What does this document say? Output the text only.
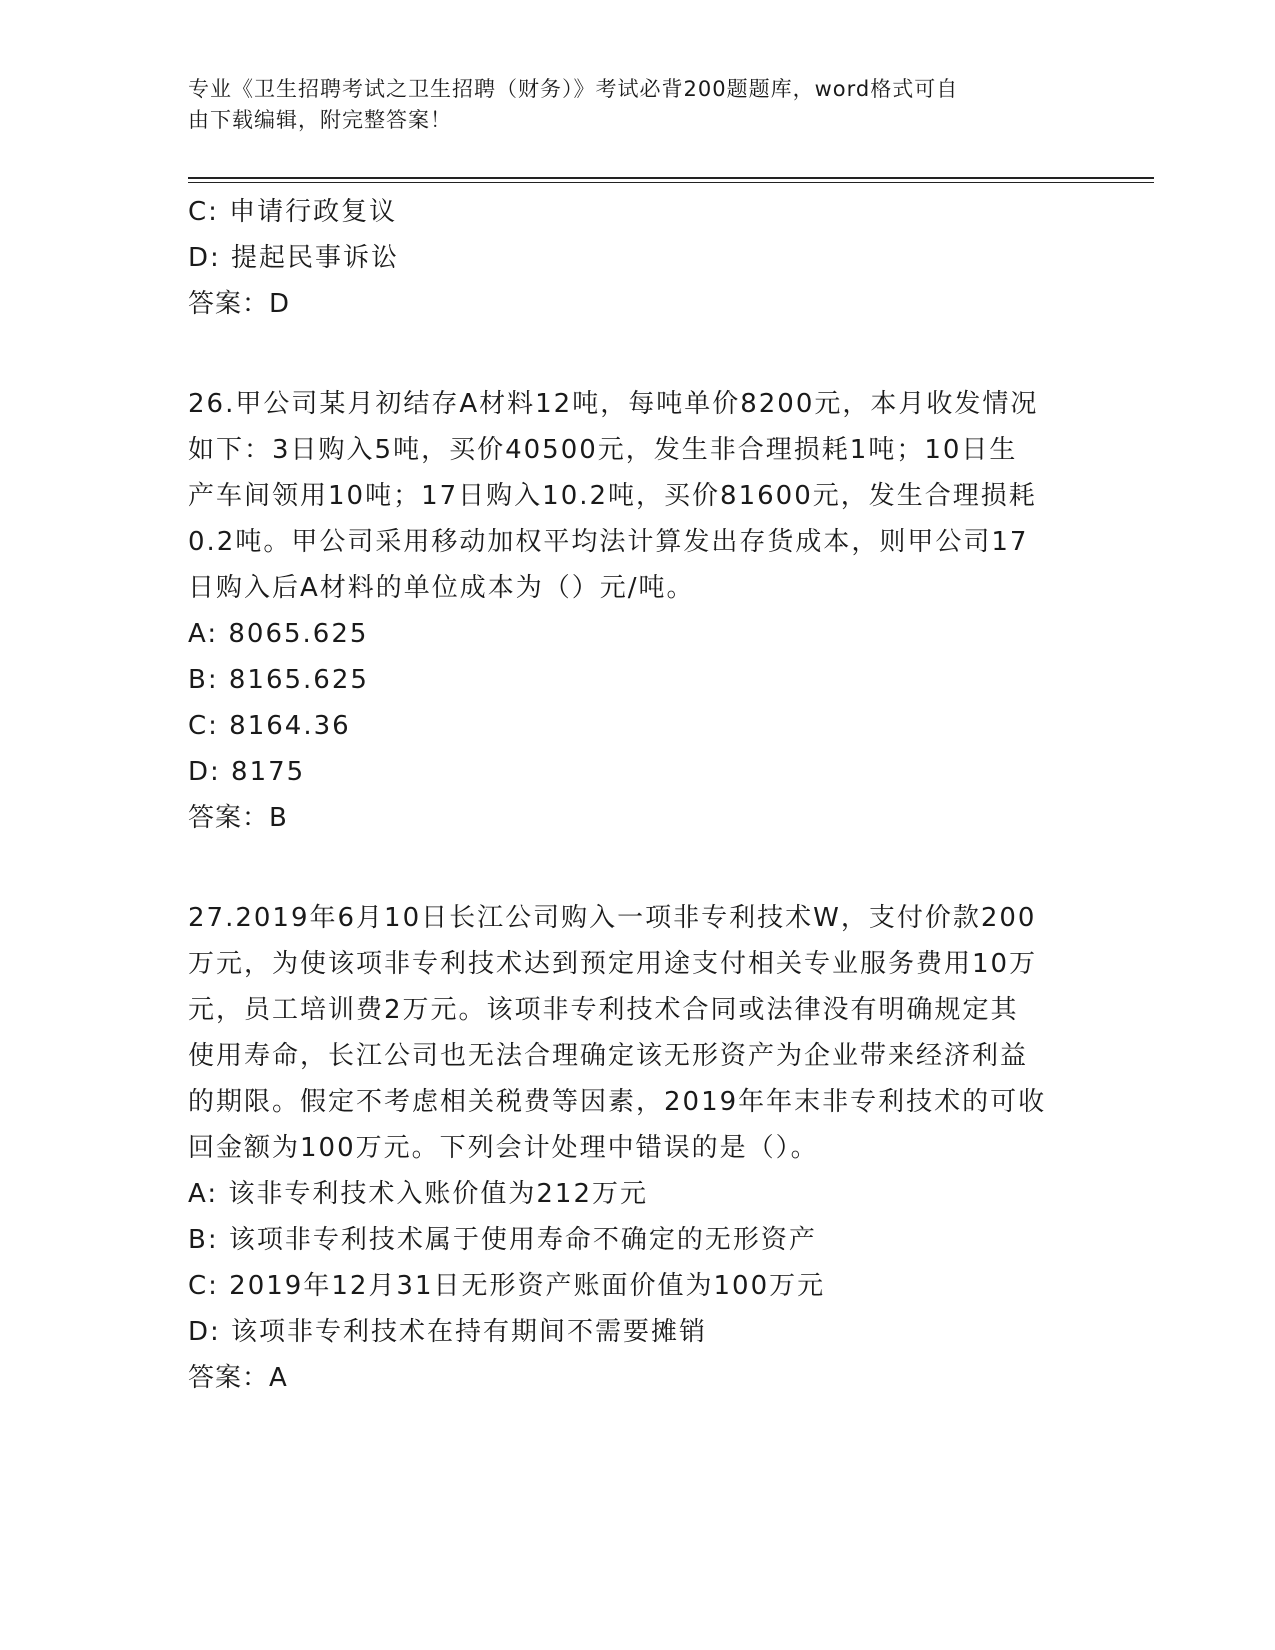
专业《卫生招聘考试之卫生招聘（财务）》考试必背200题题库，word格式可自
由下载编辑，附完整答案！
C: 申请行政复议
D: 提起民事诉讼
答案：D
26.甲公司某月初结存A材料12吨，每吨单价8200元，本月收发情况
如下：3日购入5吨，买价40500元，发生非合理损耗1吨；10日生
产车间领用10吨；17日购入10.2吨，买价81600元，发生合理损耗
0.2吨。甲公司采用移动加权平均法计算发出存货成本，则甲公司17
日购入后A材料的单位成本为（）元/吨。
A: 8065.625
B: 8165.625
C: 8164.36
D: 8175
答案：B
27.2019年6月10日长江公司购入一项非专利技术W，支付价款200
万元，为使该项非专利技术达到预定用途支付相关专业服务费用10万
元，员工培训费2万元。该项非专利技术合同或法律没有明确规定其
使用寿命，长江公司也无法合理确定该无形资产为企业带来经济利益
的期限。假定不考虑相关税费等因素，2019年年末非专利技术的可收
回金额为100万元。下列会计处理中错误的是（）。
A: 该非专利技术入账价值为212万元
B: 该项非专利技术属于使用寿命不确定的无形资产
C: 2019年12月31日无形资产账面价值为100万元
D: 该项非专利技术在持有期间不需要摊销
答案：A
